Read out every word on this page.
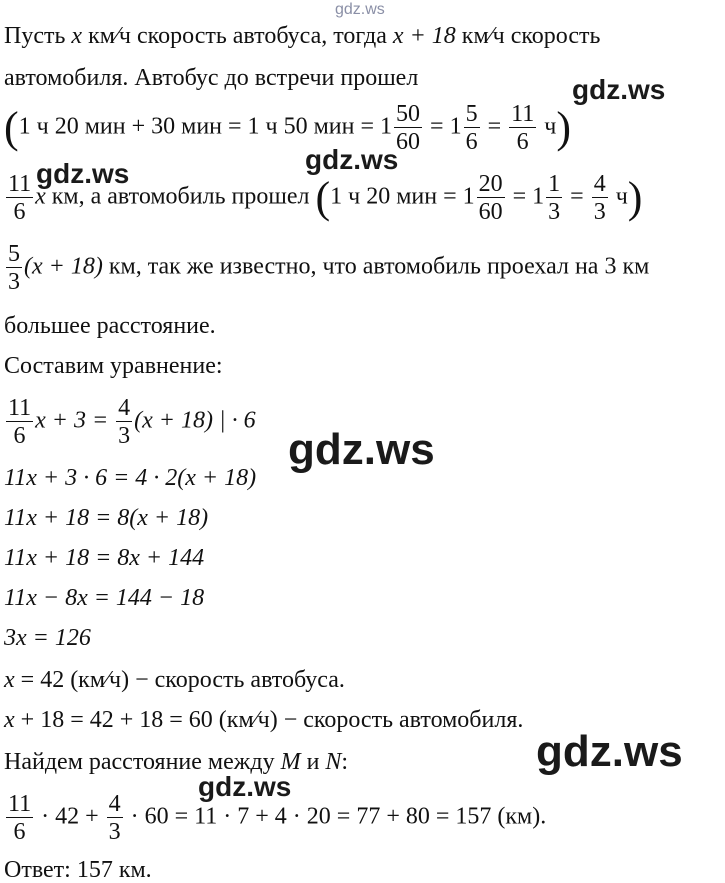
gdz.ws
Пусть x км⁄ч скорость автобуса, тогда x + 18 км⁄ч скорость
автомобиля. Автобус до встречи прошел
(1 ч 20 мин + 30 мин = 1 ч 50 мин = $1 \frac{50}{60} = 1 \frac{5}{6} = \frac{11}{6} ч$)
$\frac{11}{6}$ x км, а автомобиль прошел (1 ч 20 мин = $1 \frac{20}{60} = 1 \frac{1}{3} = \frac{4}{3} ч$)
$\frac{5}{3} (x + 18)$ км, так же известно, что автомобиль проехал на 3 км
большее расстояние.
Составим уравнение:
$\frac{11}{6}$ $x + 3 = \frac{4}{3} (x + 18)$ | · 6
11x + 3 · 6 = 4 · 2(x + 18)
11x + 18 = 8(x + 18)
11x + 18 = 8x + 144
11x − 8x = 144 − 18
3x = 126
x = 42 (км⁄ч) − скорость автобуса.
x + 18 = 42 + 18 = 60 (км⁄ч) − скорость автомобиля.
Найдем расстояние между M и N:
$\frac{11}{6} \cdot 42 + \frac{4}{3} \cdot 60 = 11 \cdot 7 + 4 \cdot 20 = 77 + 80 = 157$ (км).
Ответ: 157 км.
gdz.ws
gdz.ws
gdz.ws
gdz.ws
gdz.ws
gdz.ws
